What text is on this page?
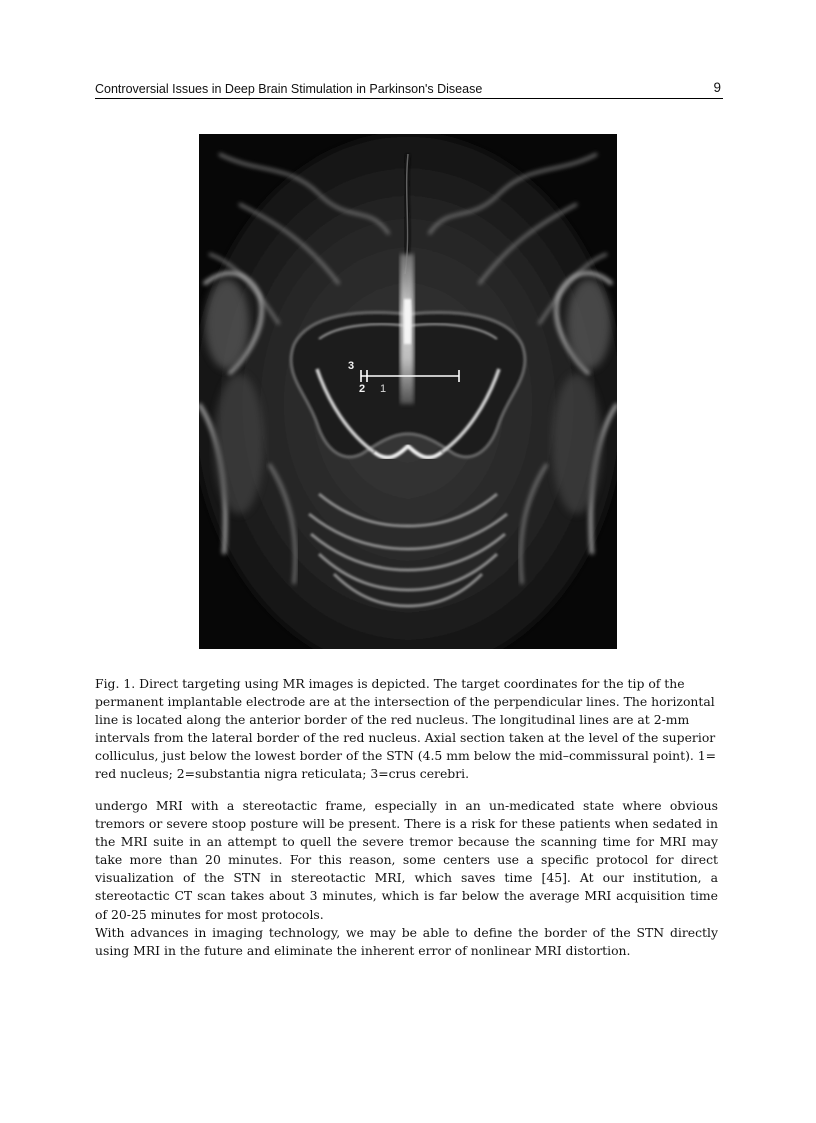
Controversial Issues in Deep Brain Stimulation in Parkinson's Disease	9
3
2 1

Fig. 1. Direct targeting using MR images is depicted. The target coordinates for the tip of the permanent implantable electrode are at the intersection of the perpendicular lines. The horizontal line is located along the anterior border of the red nucleus. The longitudinal lines are at 2-mm intervals from the lateral border of the red nucleus. Axial section taken at the level of the superior colliculus, just below the lowest border of the STN (4.5 mm below the mid–commissural point). 1= red nucleus; 2=substantia nigra reticulata; 3=crus cerebri.

undergo MRI with a stereotactic frame, especially in an un-medicated state where obvious tremors or severe stoop posture will be present. There is a risk for these patients when sedated in the MRI suite in an attempt to quell the severe tremor because the scanning time for MRI may take more than 20 minutes. For this reason, some centers use a specific protocol for direct visualization of the STN in stereotactic MRI, which saves time [45]. At our institution, a stereotactic CT scan takes about 3 minutes, which is far below the average MRI acquisition time of 20-25 minutes for most protocols.

With advances in imaging technology, we may be able to define the border of the STN directly using MRI in the future and eliminate the inherent error of nonlinear MRI distortion.
